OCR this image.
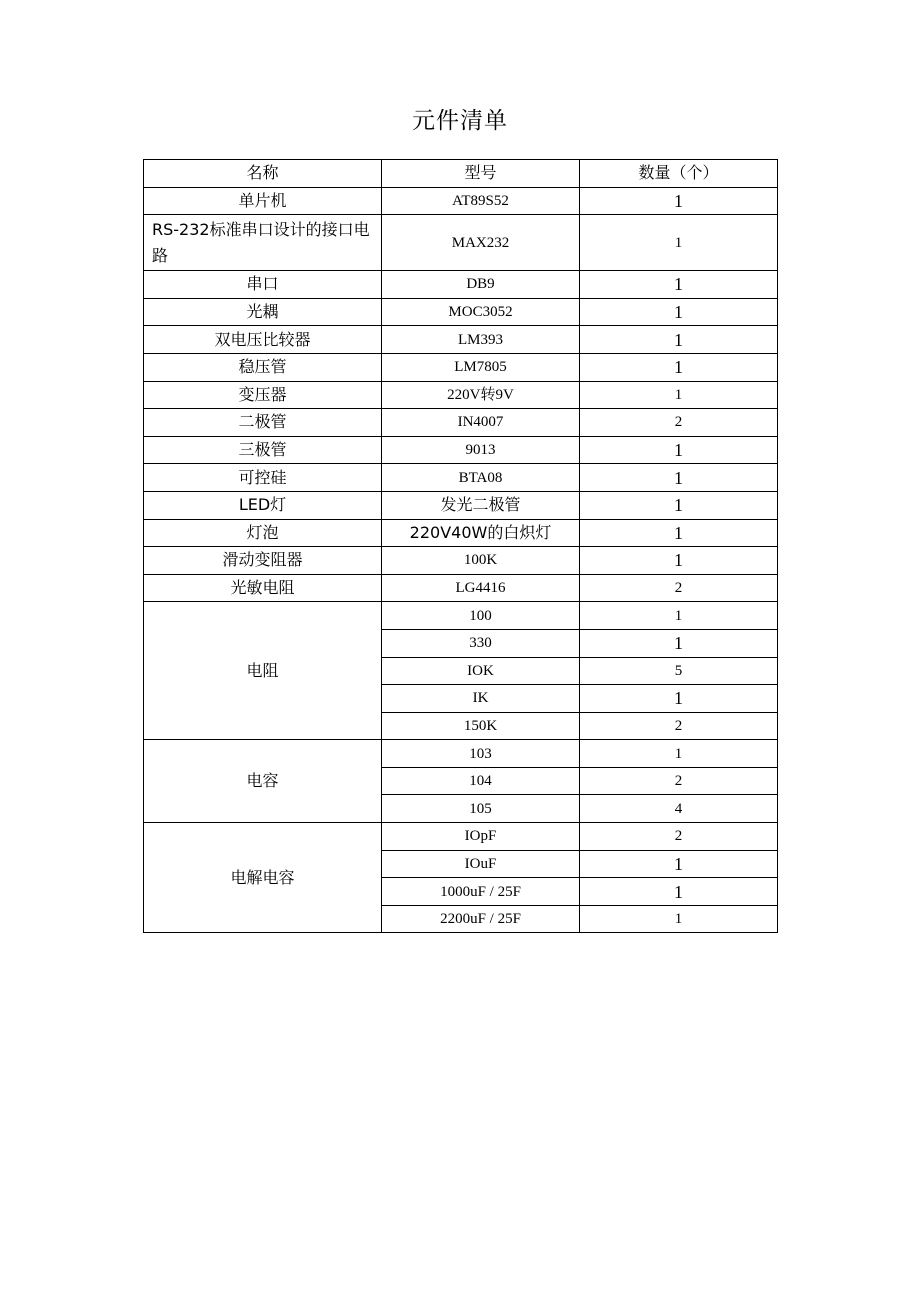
元件清单
名称	型号	数量（个）
单片机	AT89S52	1
RS-232标准串口设计的接口电路	MAX232	1
串口	DB9	1
光耦	MOC3052	1
双电压比较器	LM393	1
稳压管	LM7805	1
变压器	220V转9V	1
二极管	IN4007	2
三极管	9013	1
可控硅	BTA08	1
LED灯	发光二极管	1
灯泡	220V40W的白炽灯	1
滑动变阻器	100K	1
光敏电阻	LG4416	2
电阻	100	1
	330	1
	IOK	5
	IK	1
	150K	2
电容	103	1
	104	2
	105	4
电解电容	IOpF	2
	IOuF	1
	1000uF / 25F	1
	2200uF / 25F	1
